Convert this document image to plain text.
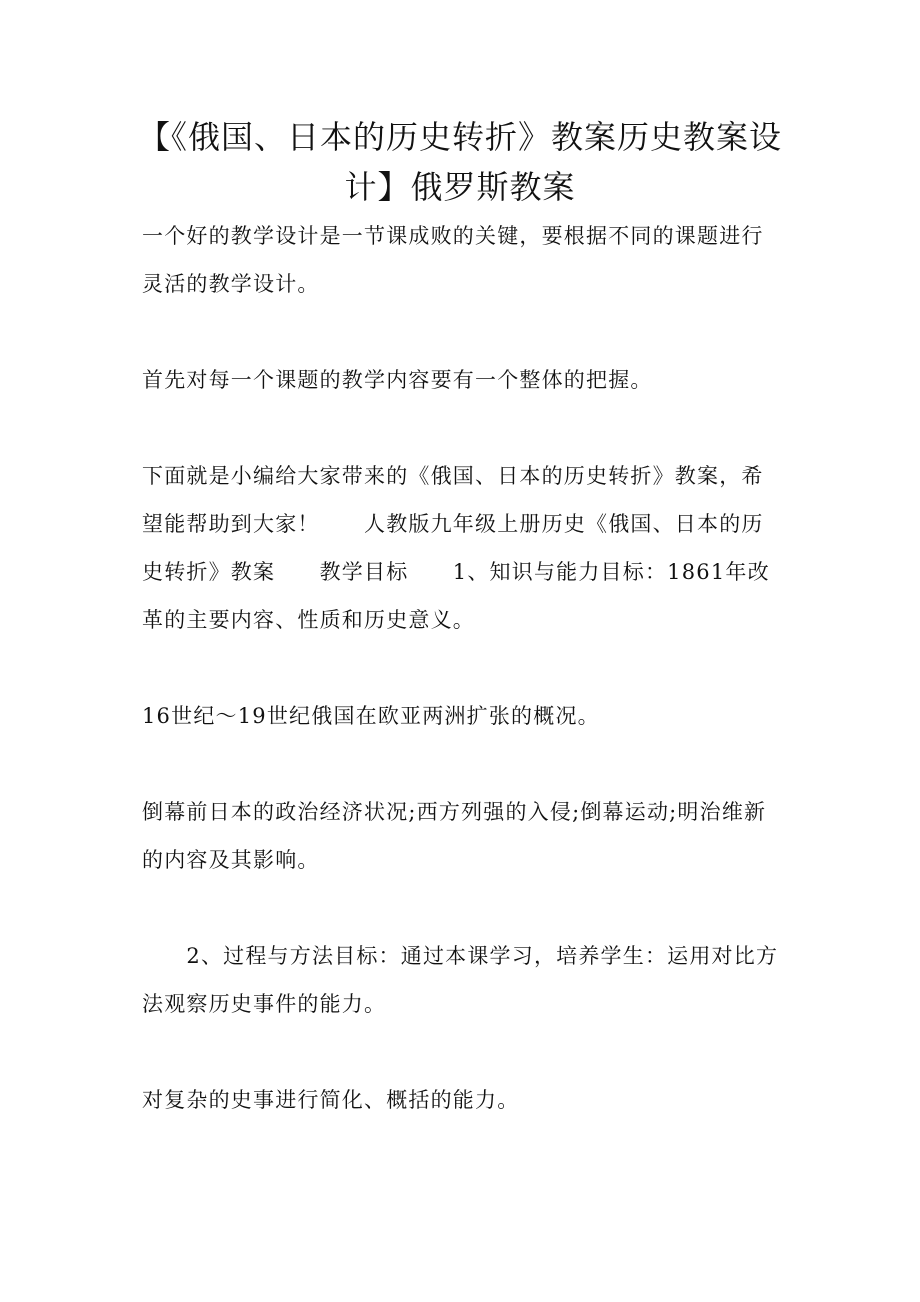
【《俄国、日本的历史转折》教案历史教案设计】俄罗斯教案

一个好的教学设计是一节课成败的关键，要根据不同的课题进行灵活的教学设计。

首先对每一个课题的教学内容要有一个整体的把握。

下面就是小编给大家带来的《俄国、日本的历史转折》教案，希望能帮助到大家！　　人教版九年级上册历史《俄国、日本的历史转折》教案　　教学目标　　1、知识与能力目标：1861年改革的主要内容、性质和历史意义。

16世纪～19世纪俄国在欧亚两洲扩张的概况。

倒幕前日本的政治经济状况;西方列强的入侵;倒幕运动;明治维新的内容及其影响。

　　2、过程与方法目标：通过本课学习，培养学生：运用对比方法观察历史事件的能力。

对复杂的史事进行简化、概括的能力。
